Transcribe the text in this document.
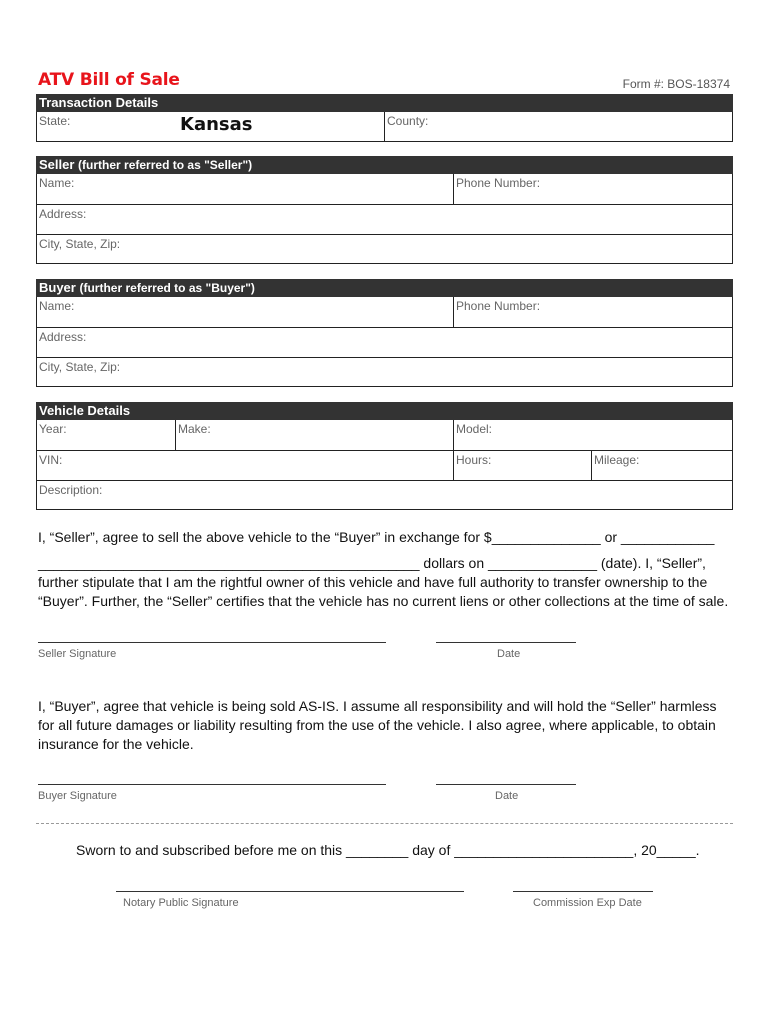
ATV Bill of Sale	Form #: BOS-18374
Transaction Details
State:	Kansas	County:
Seller (further referred to as "Seller")
Name:	Phone Number:
Address:
City, State, Zip:
Buyer (further referred to as "Buyer")
Name:	Phone Number:
Address:
City, State, Zip:
Vehicle Details
Year:	Make:	Model:
VIN:	Hours:	Mileage:
Description:
I, “Seller”, agree to sell the above vehicle to the “Buyer” in exchange for $______________ or ____________
_________________________________________________ dollars on ______________ (date). I, “Seller”,
further stipulate that I am the rightful owner of this vehicle and have full authority to transfer ownership to the
“Buyer”. Further, the “Seller” certifies that the vehicle has no current liens or other collections at the time of sale.
Seller Signature	Date
I, “Buyer”, agree that vehicle is being sold AS-IS. I assume all responsibility and will hold the “Seller” harmless
for all future damages or liability resulting from the use of the vehicle. I also agree, where applicable, to obtain
insurance for the vehicle.
Buyer Signature	Date
Sworn to and subscribed before me on this ________ day of _______________________, 20_____.
Notary Public Signature	Commission Exp Date
